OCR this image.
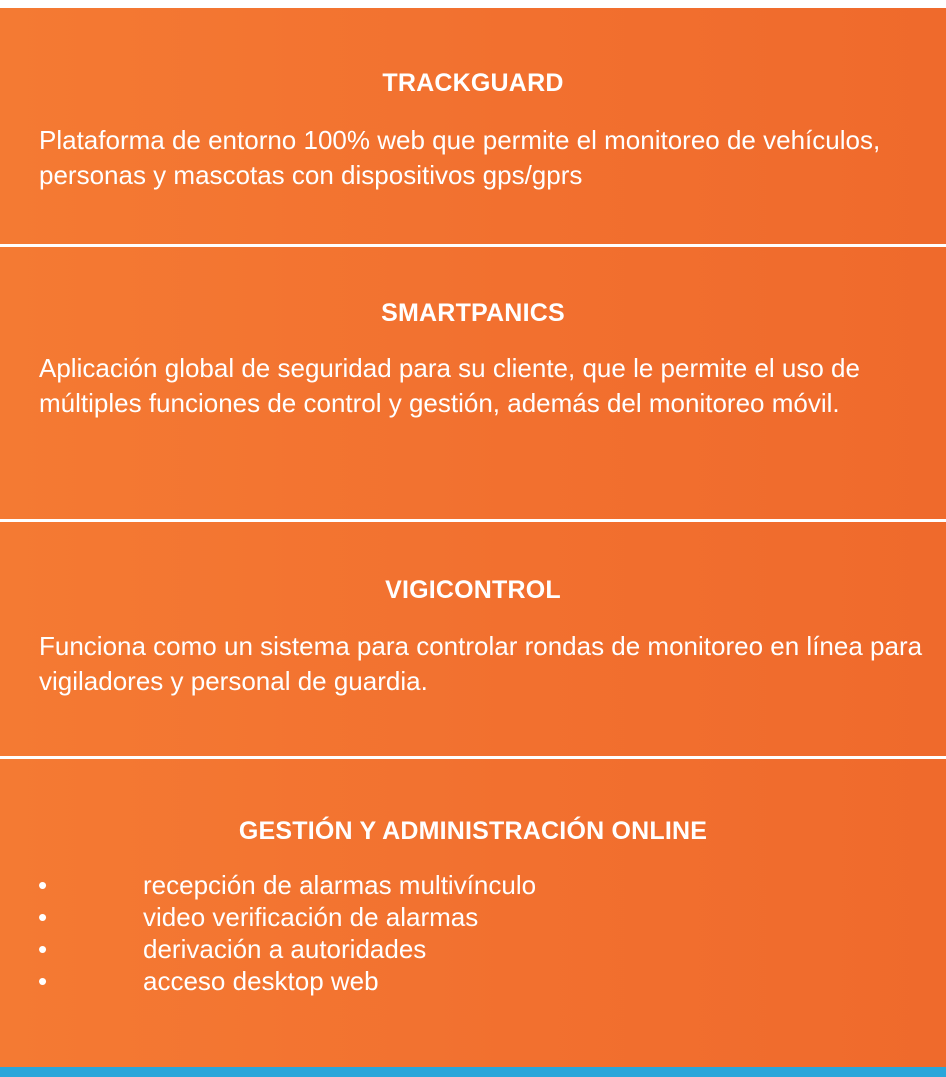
TRACKGUARD
Plataforma de entorno 100% web que permite el monitoreo de vehículos, personas y mascotas con dispositivos gps/gprs
SMARTPANICS
Aplicación global de seguridad para su cliente, que le permite el uso de múltiples funciones de control y gestión, además del monitoreo móvil.
VIGICONTROL
Funciona como un sistema para controlar rondas de monitoreo en línea para vigiladores y personal de guardia.
GESTIÓN Y ADMINISTRACIÓN ONLINE
•	recepción de alarmas multivínculo
•	video verificación de alarmas
•	derivación a autoridades
•	acceso desktop web
